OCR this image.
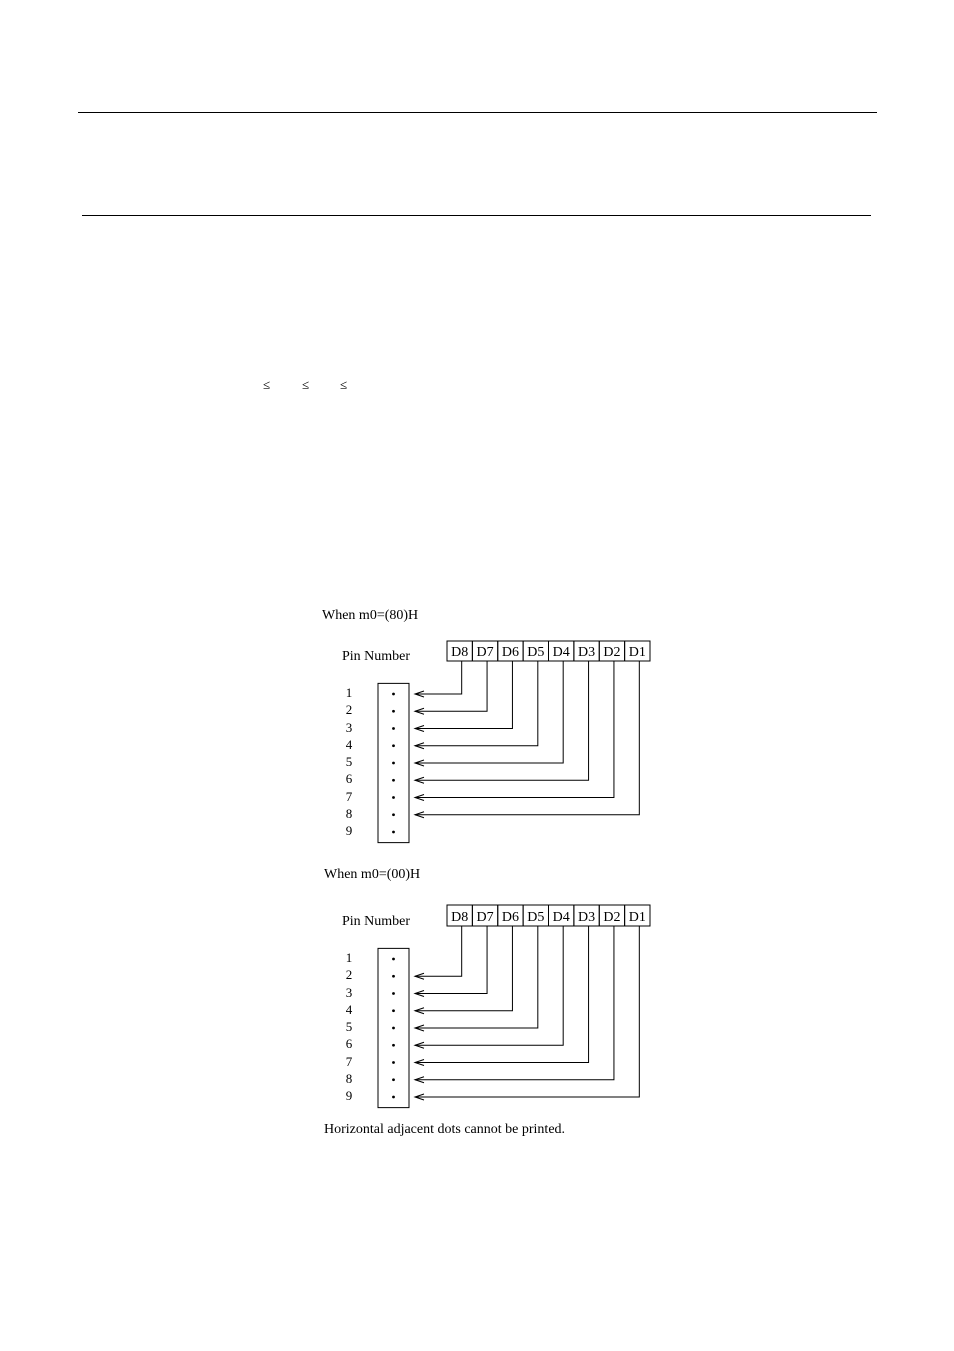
≤ ≤ ≤
When m0=(80)H
Pin Number
1
2
3
4
5
6
7
8
9
D8 D7 D6 D5 D4 D3 D2 D1
When m0=(00)H
Pin Number
1
2
3
4
5
6
7
8
9
D8 D7 D6 D5 D4 D3 D2 D1
Horizontal adjacent dots cannot be printed.
